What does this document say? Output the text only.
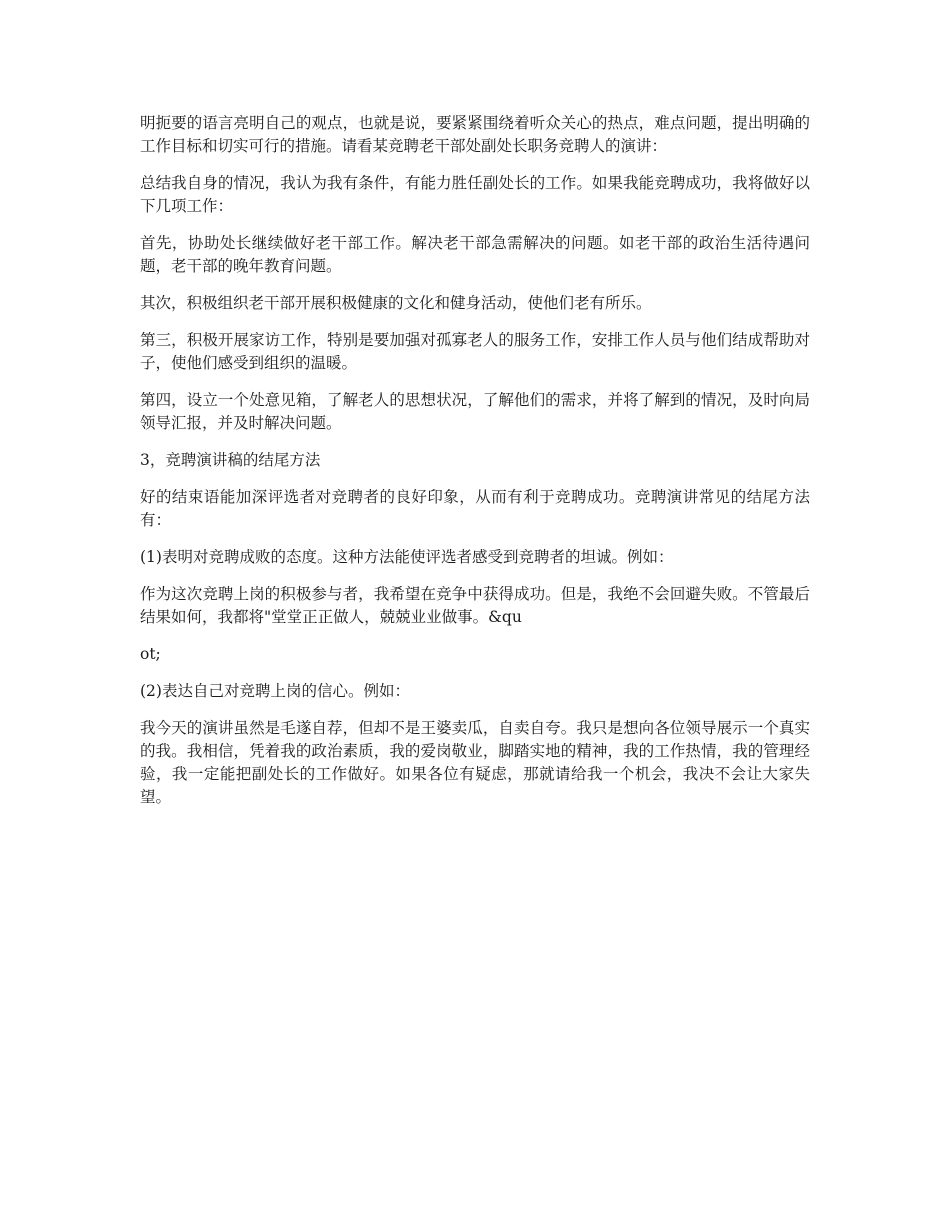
明扼要的语言亮明自己的观点，也就是说，要紧紧围绕着听众关心的热点，难点问题，提出明确的工作目标和切实可行的措施。请看某竞聘老干部处副处长职务竞聘人的演讲：

总结我自身的情况，我认为我有条件，有能力胜任副处长的工作。如果我能竞聘成功，我将做好以下几项工作：

首先，协助处长继续做好老干部工作。解决老干部急需解决的问题。如老干部的政治生活待遇问题，老干部的晚年教育问题。

其次，积极组织老干部开展积极健康的文化和健身活动，使他们老有所乐。

第三，积极开展家访工作，特别是要加强对孤寡老人的服务工作，安排工作人员与他们结成帮助对子，使他们感受到组织的温暖。

第四，设立一个处意见箱，了解老人的思想状况，了解他们的需求，并将了解到的情况，及时向局领导汇报，并及时解决问题。

3，竞聘演讲稿的结尾方法

好的结束语能加深评选者对竞聘者的良好印象，从而有利于竞聘成功。竞聘演讲常见的结尾方法有：

(1)表明对竞聘成败的态度。这种方法能使评选者感受到竞聘者的坦诚。例如：

作为这次竞聘上岗的积极参与者，我希望在竞争中获得成功。但是，我绝不会回避失败。不管最后结果如何，我都将"堂堂正正做人，兢兢业业做事。&qu

ot;

(2)表达自己对竞聘上岗的信心。例如：

我今天的演讲虽然是毛遂自荐，但却不是王婆卖瓜，自卖自夸。我只是想向各位领导展示一个真实的我。我相信，凭着我的政治素质，我的爱岗敬业，脚踏实地的精神，我的工作热情，我的管理经验，我一定能把副处长的工作做好。如果各位有疑虑，那就请给我一个机会，我决不会让大家失望。
